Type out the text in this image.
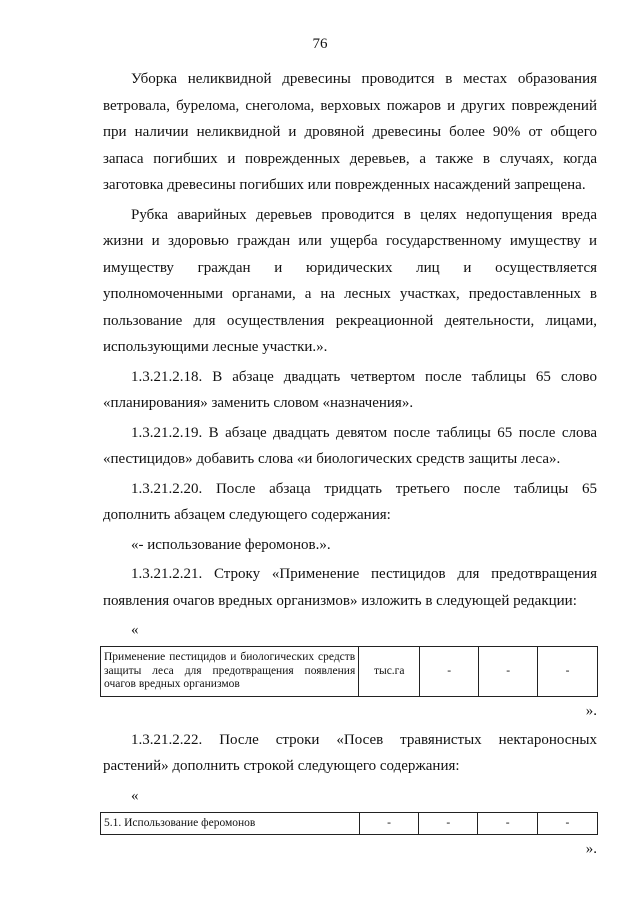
76

Уборка неликвидной древесины проводится в местах образования ветровала, бурелома, снеголома, верховых пожаров и других повреждений при наличии неликвидной и дровяной древесины более 90% от общего запаса погибших и поврежденных деревьев, а также в случаях, когда заготовка древесины погибших или поврежденных насаждений запрещена.

Рубка аварийных деревьев проводится в целях недопущения вреда жизни и здоровью граждан или ущерба государственному имуществу и имуществу граждан и юридических лиц и осуществляется уполномоченными органами, а на лесных участках, предоставленных в пользование для осуществления рекреационной деятельности, лицами, использующими лесные участки.».

1.3.21.2.18. В абзаце двадцать четвертом после таблицы 65 слово «планирования» заменить словом «назначения».

1.3.21.2.19. В абзаце двадцать девятом после таблицы 65 после слова «пестицидов» добавить слова «и биологических средств защиты леса».

1.3.21.2.20. После абзаца тридцать третьего после таблицы 65 дополнить абзацем следующего содержания:

«- использование феромонов.».

1.3.21.2.21. Строку «Применение пестицидов для предотвращения появления очагов вредных организмов» изложить в следующей редакции:

«
Применение пестицидов и биологических средств защиты леса для предотвращения появления очагов вредных организмов	тыс.га	-	-	-
».

1.3.21.2.22. После строки «Посев травянистых нектароносных растений» дополнить строкой следующего содержания:

«
5.1. Использование феромонов	-	-	-	-
».
